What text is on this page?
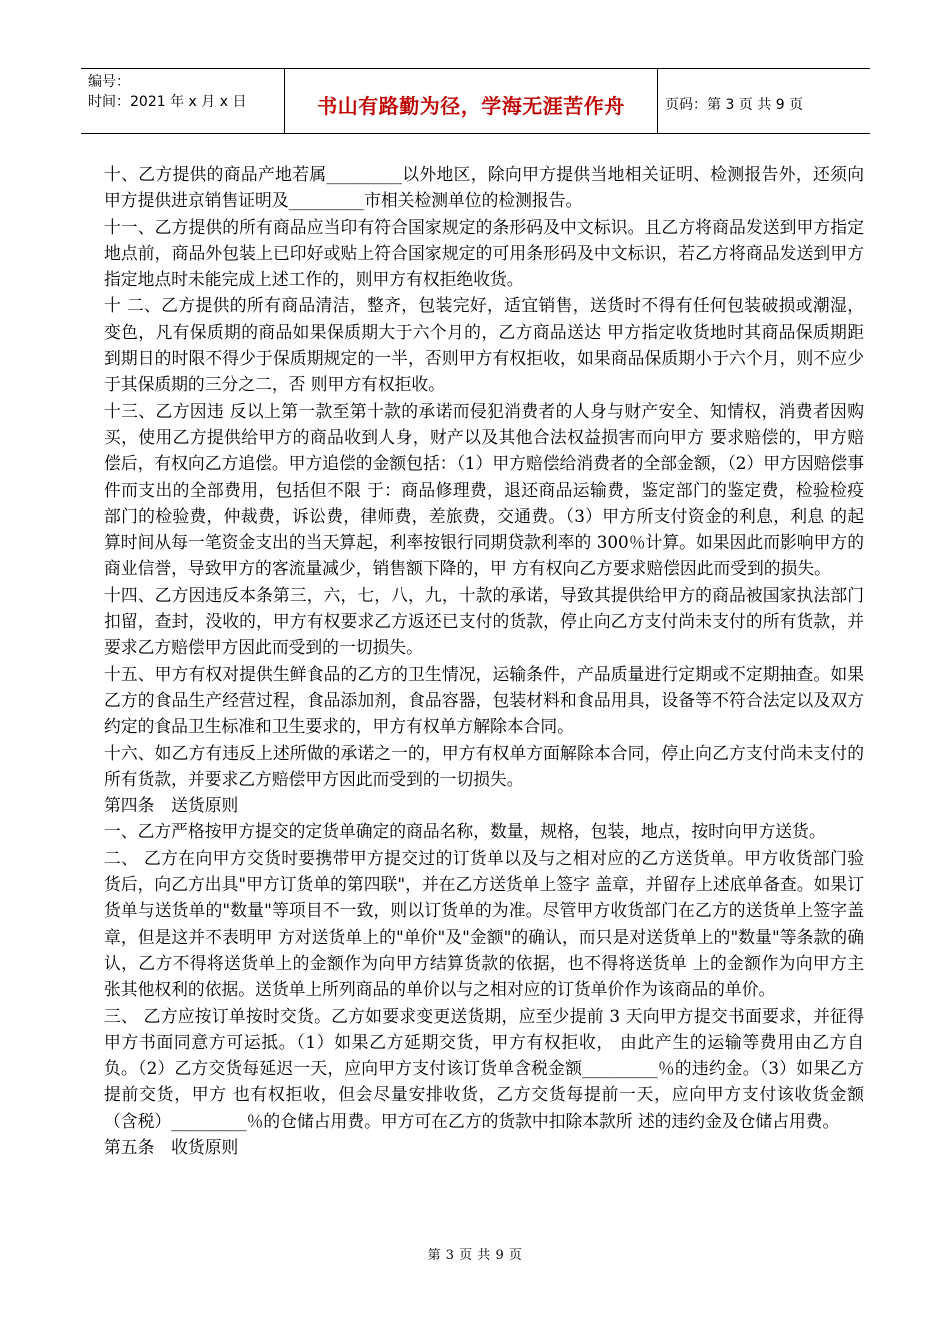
编号：
时间：2021 年 x 月 x 日	书山有路勤为径，学海无涯苦作舟	页码：第 3 页 共 9 页

十、乙方提供的商品产地若属_________以外地区，除向甲方提供当地相关证明、检测报告外，还须向甲方提供进京销售证明及_________市相关检测单位的检测报告。

十一、乙方提供的所有商品应当印有符合国家规定的条形码及中文标识。且乙方将商品发送到甲方指定地点前，商品外包装上已印好或贴上符合国家规定的可用条形码及中文标识，若乙方将商品发送到甲方指定地点时未能完成上述工作的，则甲方有权拒绝收货。

十 二、乙方提供的所有商品清洁，整齐，包装完好，适宜销售，送货时不得有任何包装破损或潮湿，变色，凡有保质期的商品如果保质期大于六个月的，乙方商品送达 甲方指定收货地时其商品保质期距到期日的时限不得少于保质期规定的一半，否则甲方有权拒收，如果商品保质期小于六个月，则不应少于其保质期的三分之二，否 则甲方有权拒收。

十三、乙方因违 反以上第一款至第十款的承诺而侵犯消费者的人身与财产安全、知情权，消费者因购买，使用乙方提供给甲方的商品收到人身，财产以及其他合法权益损害而向甲方 要求赔偿的，甲方赔偿后，有权向乙方追偿。甲方追偿的金额包括：（1）甲方赔偿给消费者的全部金额，（2）甲方因赔偿事件而支出的全部费用，包括但不限 于：商品修理费，退还商品运输费，鉴定部门的鉴定费，检验检疫部门的检验费，仲裁费，诉讼费，律师费，差旅费，交通费。（3）甲方所支付资金的利息，利息 的起算时间从每一笔资金支出的当天算起，利率按银行同期贷款利率的 300％计算。如果因此而影响甲方的商业信誉，导致甲方的客流量减少，销售额下降的，甲 方有权向乙方要求赔偿因此而受到的损失。

十四、乙方因违反本条第三，六，七，八，九，十款的承诺，导致其提供给甲方的商品被国家执法部门扣留，查封，没收的，甲方有权要求乙方返还已支付的货款，停止向乙方支付尚未支付的所有货款，并要求乙方赔偿甲方因此而受到的一切损失。

十五、甲方有权对提供生鲜食品的乙方的卫生情况，运输条件，产品质量进行定期或不定期抽查。如果乙方的食品生产经营过程，食品添加剂，食品容器，包装材料和食品用具，设备等不符合法定以及双方约定的食品卫生标准和卫生要求的，甲方有权单方解除本合同。

十六、如乙方有违反上述所做的承诺之一的，甲方有权单方面解除本合同，停止向乙方支付尚未支付的所有货款，并要求乙方赔偿甲方因此而受到的一切损失。

第四条　送货原则

一、乙方严格按甲方提交的定货单确定的商品名称，数量，规格，包装，地点，按时向甲方送货。

二、 乙方在向甲方交货时要携带甲方提交过的订货单以及与之相对应的乙方送货单。甲方收货部门验货后，向乙方出具"甲方订货单的第四联"，并在乙方送货单上签字 盖章，并留存上述底单备查。如果订货单与送货单的"数量"等项目不一致，则以订货单的为准。尽管甲方收货部门在乙方的送货单上签字盖章，但是这并不表明甲 方对送货单上的"单价"及"金额"的确认，而只是对送货单上的"数量"等条款的确认，乙方不得将送货单上的金额作为向甲方结算货款的依据，也不得将送货单 上的金额作为向甲方主张其他权利的依据。送货单上所列商品的单价以与之相对应的订货单价作为该商品的单价。

三、 乙方应按订单按时交货。乙方如要求变更送货期，应至少提前 3 天向甲方提交书面要求，并征得甲方书面同意方可运抵。（1）如果乙方延期交货，甲方有权拒收， 由此产生的运输等费用由乙方自负。（2）乙方交货每延迟一天，应向甲方支付该订货单含税金额_________％的违约金。（3）如果乙方提前交货，甲方 也有权拒收，但会尽量安排收货，乙方交货每提前一天，应向甲方支付该收货金额（含税）_________％的仓储占用费。甲方可在乙方的货款中扣除本款所 述的违约金及仓储占用费。

第五条　收货原则

第 3 页 共 9 页
